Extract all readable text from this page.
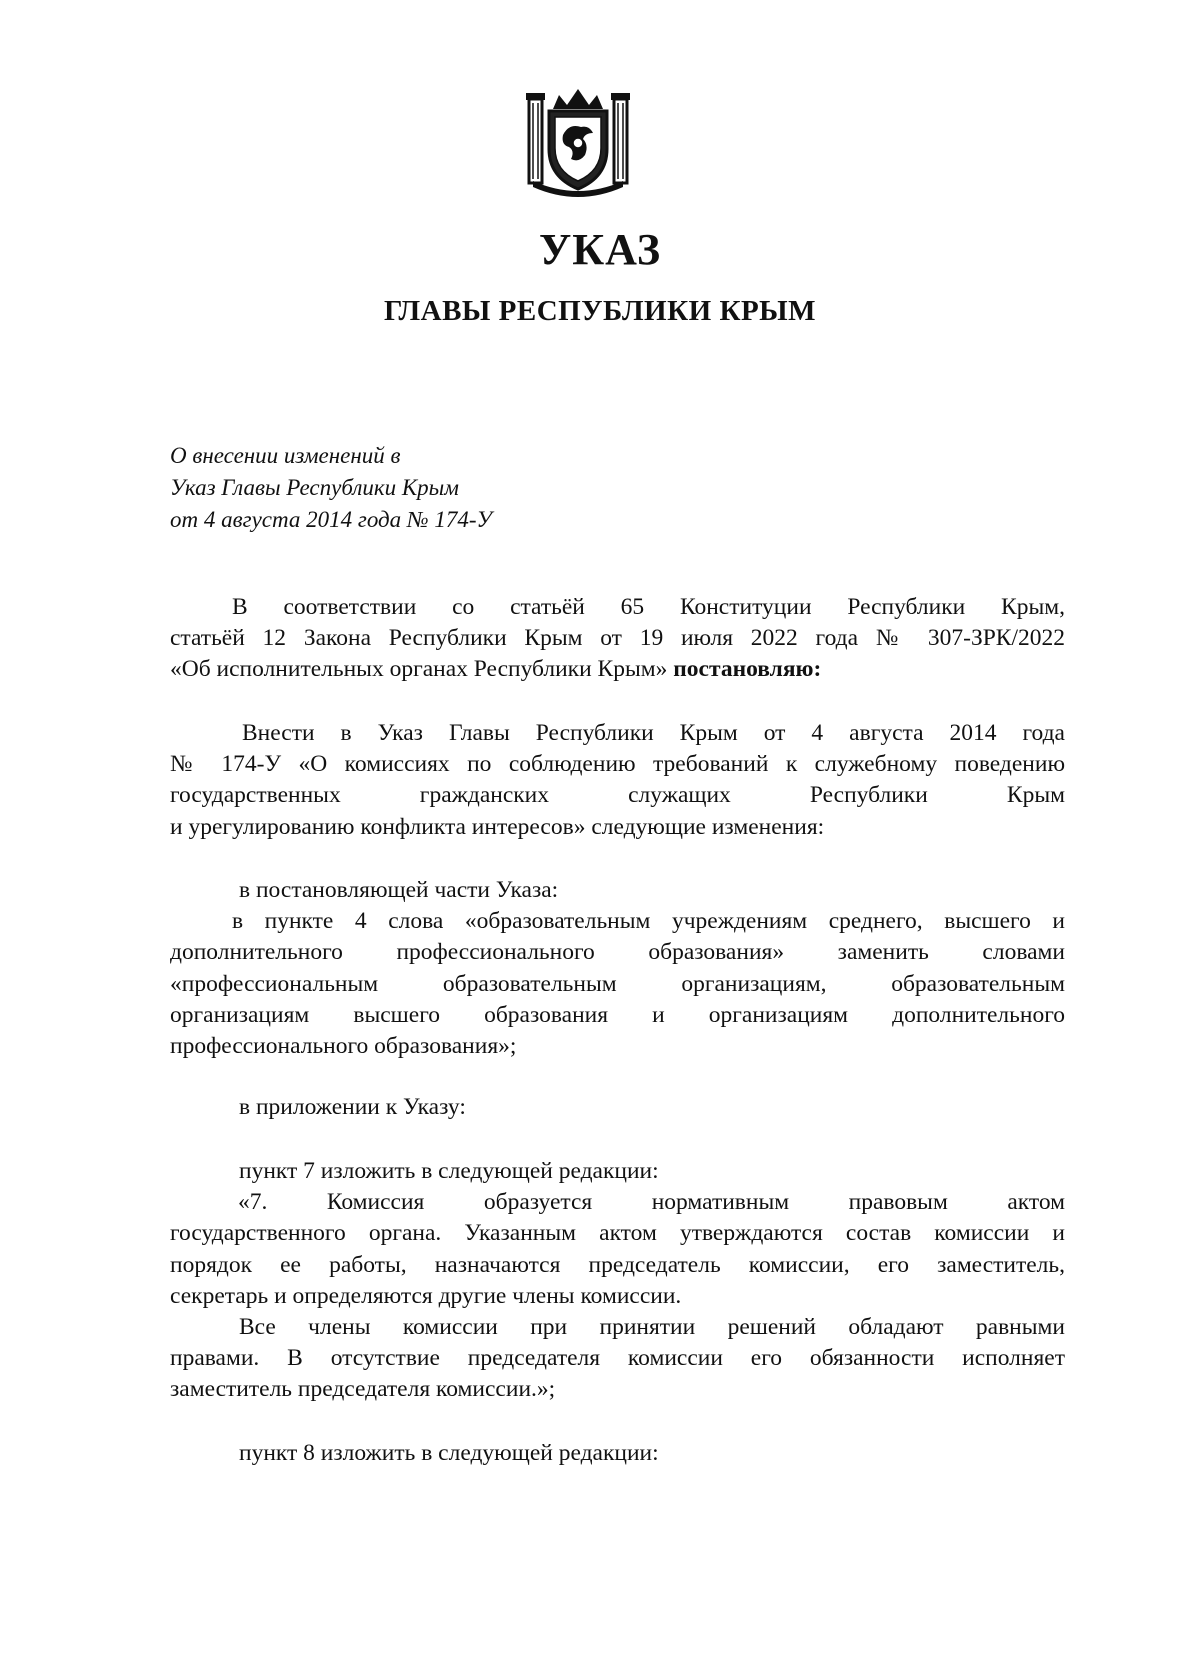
УКАЗ
ГЛАВЫ РЕСПУБЛИКИ КРЫМ
О внесении изменений в
Указ Главы Республики Крым
от 4 августа 2014 года № 174-У
В соответствии со статьёй 65 Конституции Республики Крым,
статьёй 12 Закона Республики Крым от 19 июля 2022 года № 307-ЗРК/2022
«Об исполнительных органах Республики Крым» постановляю:
Внести в Указ Главы Республики Крым от 4 августа 2014 года
№ 174-У «О комиссиях по соблюдению требований к служебному поведению
государственных гражданских служащих Республики Крым
и урегулированию конфликта интересов» следующие изменения:
в постановляющей части Указа:
в пункте 4 слова «образовательным учреждениям среднего, высшего и
дополнительного профессионального образования» заменить словами
«профессиональным образовательным организациям, образовательным
организациям высшего образования и организациям дополнительного
профессионального образования»;
в приложении к Указу:
пункт 7 изложить в следующей редакции:
«7. Комиссия образуется нормативным правовым актом
государственного органа. Указанным актом утверждаются состав комиссии и
порядок ее работы, назначаются председатель комиссии, его заместитель,
секретарь и определяются другие члены комиссии.
Все члены комиссии при принятии решений обладают равными
правами. В отсутствие председателя комиссии его обязанности исполняет
заместитель председателя комиссии.»;
пункт 8 изложить в следующей редакции:
